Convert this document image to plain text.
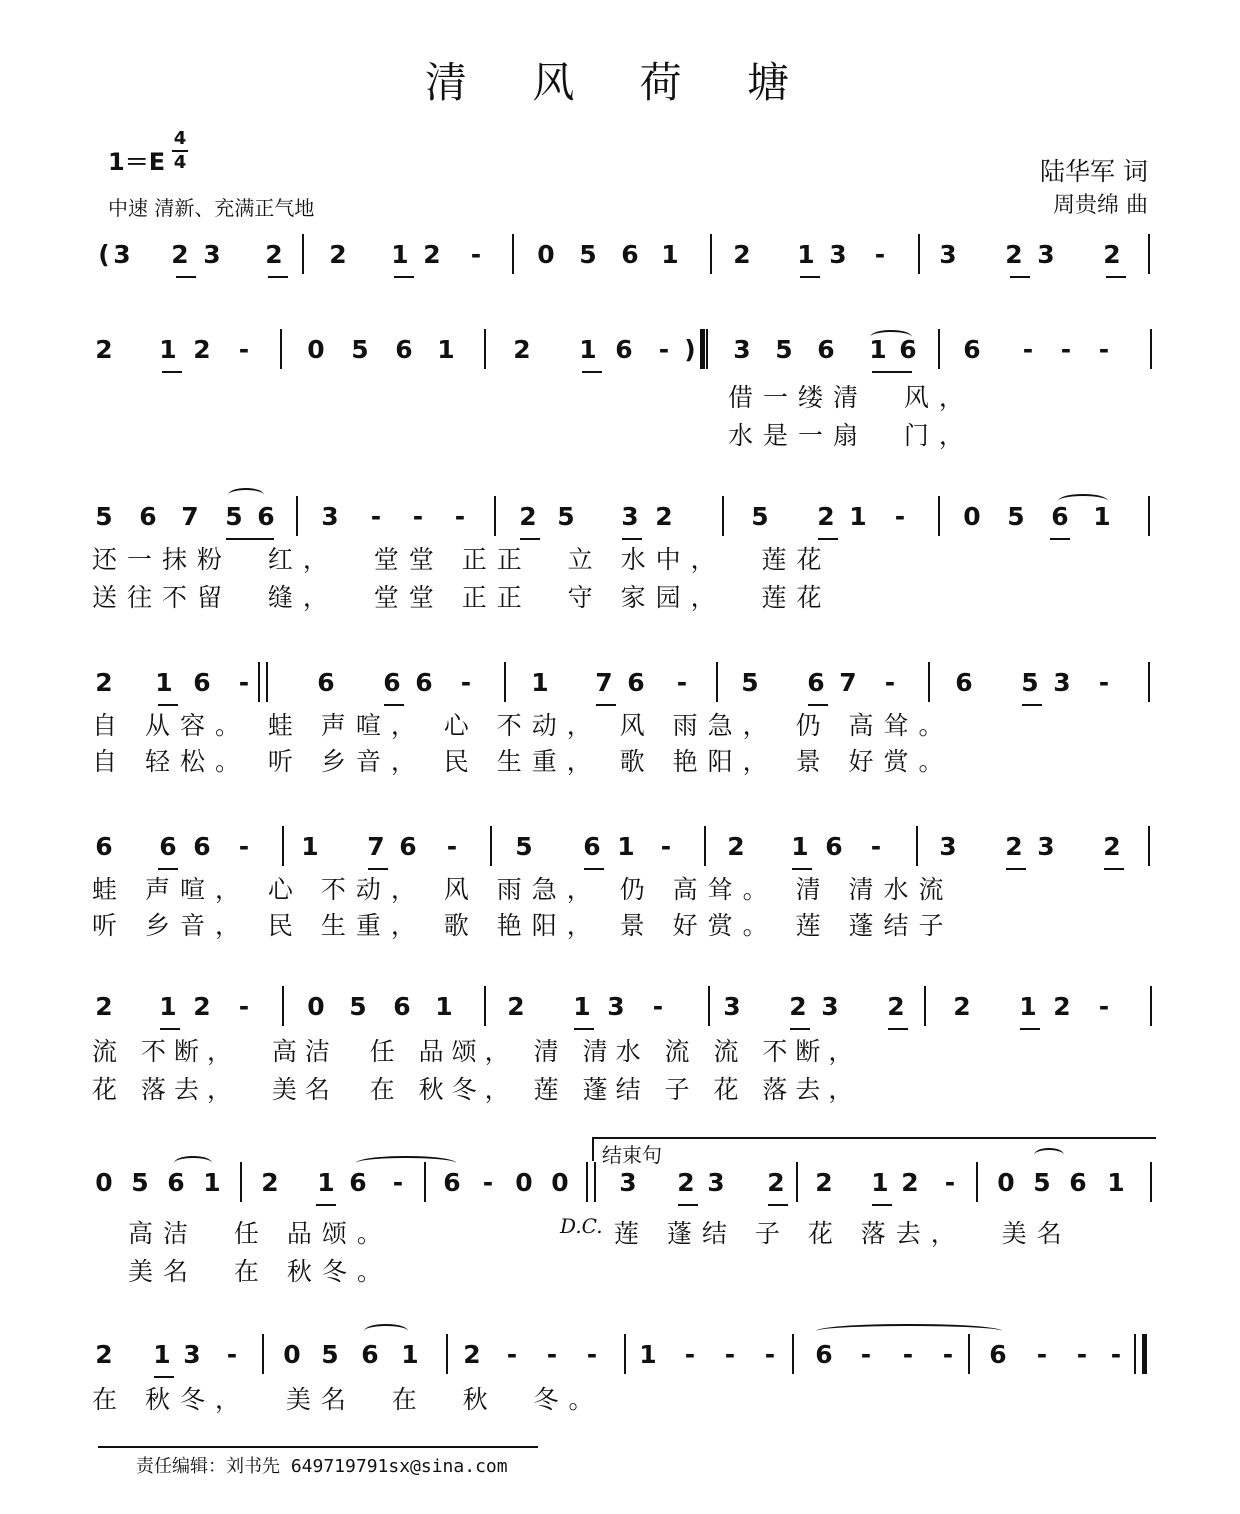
清 风 荷 塘
1＝E
4
4
中速 清新、充满正气地
陆华军 词
周贵绵 曲
( 3 2 3 2 2 1 2 - 0 5 6 1 2 1 3 - 3 2 3 2
2 1 2 - 0 5 6 1 2 1 6 - ) 3 5 6 1 6 6 - - -
借一缕清  风，
水是一扇  门，
5 6 7 5 6 3 - - - 2 5 3 2	5 2 1 - 0 5 6 1
还一抹粉  红，  堂堂 正正  立 水中，  莲花
送往不留  缝，  堂堂 正正  守 家园，  莲花
2 1 6 -	6 6 6 - 1 7 6 - 5 6 7 - 6 5 3 -
自 从容。 蛙 声喧， 心 不动， 风 雨急， 仍 高耸。
自 轻松。 听 乡音， 民 生重， 歌 艳阳， 景 好赏。
6 6 6 - 1 7 6 - 5 6 1 - 2 1 6 - 3 2 3 2
蛙 声喧， 心 不动， 风 雨急， 仍 高耸。 清 清水流
听 乡音， 民 生重， 歌 艳阳， 景 好赏。 莲 蓬结子
2 1 2 - 0 5 6 1 2 1 3 - 3 2 3 2 2 1 2 -
流 不断，  高洁  任 品颂， 清 清水 流 流 不断，
花 落去，  美名  在 秋冬， 莲 蓬结 子 花 落去，
0 5 6 1 2 1 6 - 6 - 0 0 3 2 3 2 2 1 2 - 0 5 6 1
高洁  任 品颂。
美名  在 秋冬。
D.C. 莲 蓬结 子 花 落去，  美名
2 1 3 - 0 5 6 1 2 - - - 1 - - - 6 - - - 6 - - -
在 秋冬，  美名  在  秋  冬。
结束句
责任编辑：刘书先 649719791sx@sina.com
